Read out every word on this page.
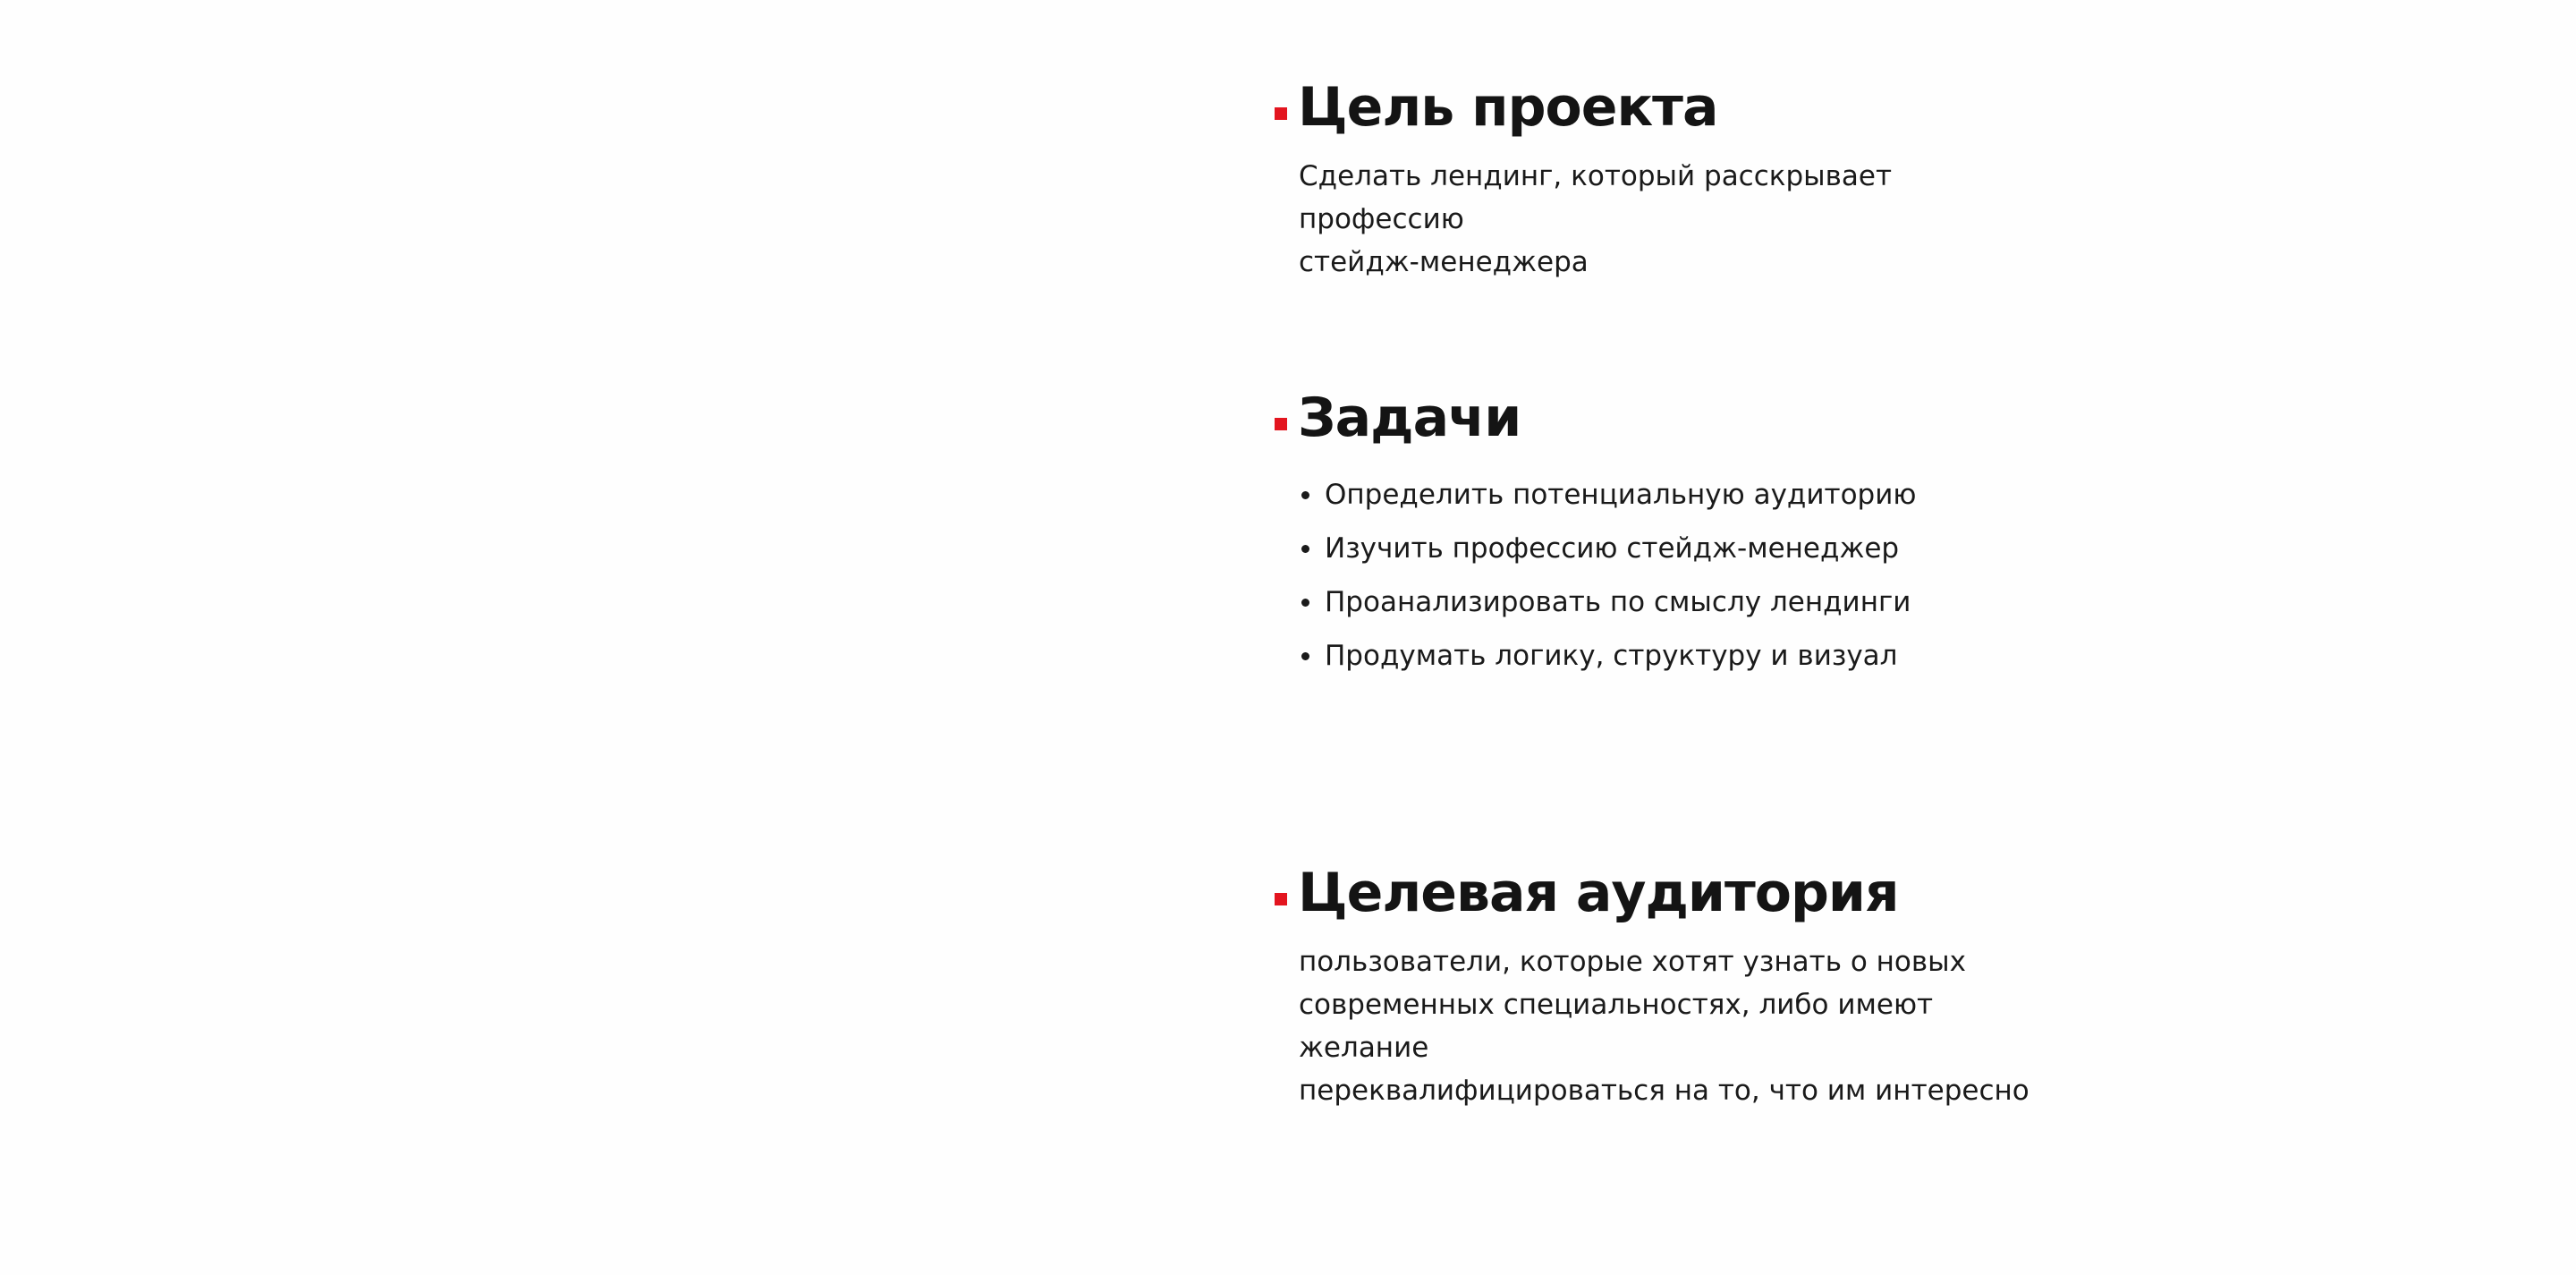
Цель проекта

Сделать лендинг, который расскрывает профессию
стейдж-менеджера

Задачи
Определить потенциальную аудиторию
Изучить профессию стейдж-менеджер
Проанализировать по смыслу лендинги
Продумать логику, структуру и визуал
Целевая аудитория

пользователи, которые хотят узнать о новых
современных специальностях, либо имеют желание
переквалифицироваться на то, что им интересно
